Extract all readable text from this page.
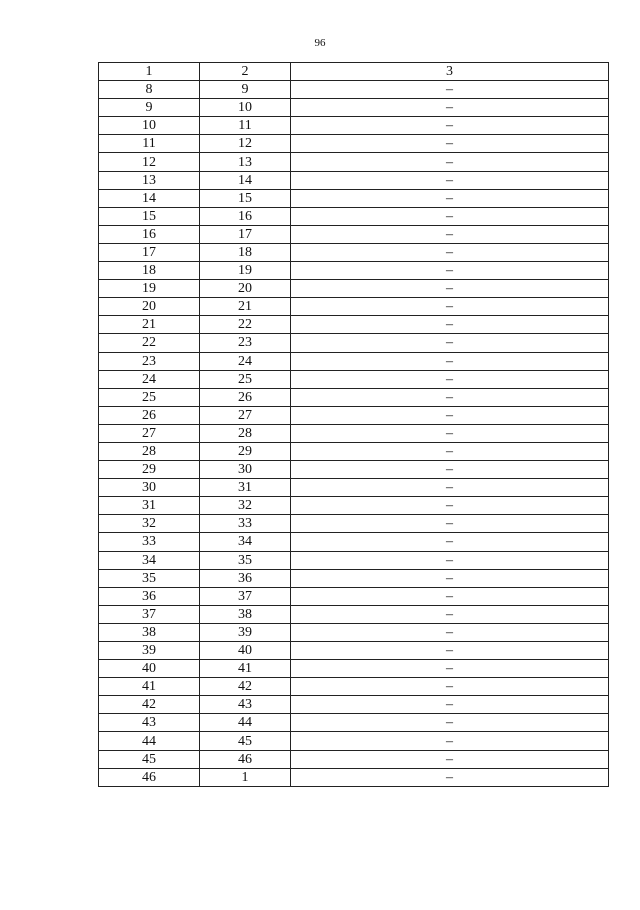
96
1	2	3
8	9	–
9	10	–
10	11	–
11	12	–
12	13	–
13	14	–
14	15	–
15	16	–
16	17	–
17	18	–
18	19	–
19	20	–
20	21	–
21	22	–
22	23	–
23	24	–
24	25	–
25	26	–
26	27	–
27	28	–
28	29	–
29	30	–
30	31	–
31	32	–
32	33	–
33	34	–
34	35	–
35	36	–
36	37	–
37	38	–
38	39	–
39	40	–
40	41	–
41	42	–
42	43	–
43	44	–
44	45	–
45	46	–
46	1	–
